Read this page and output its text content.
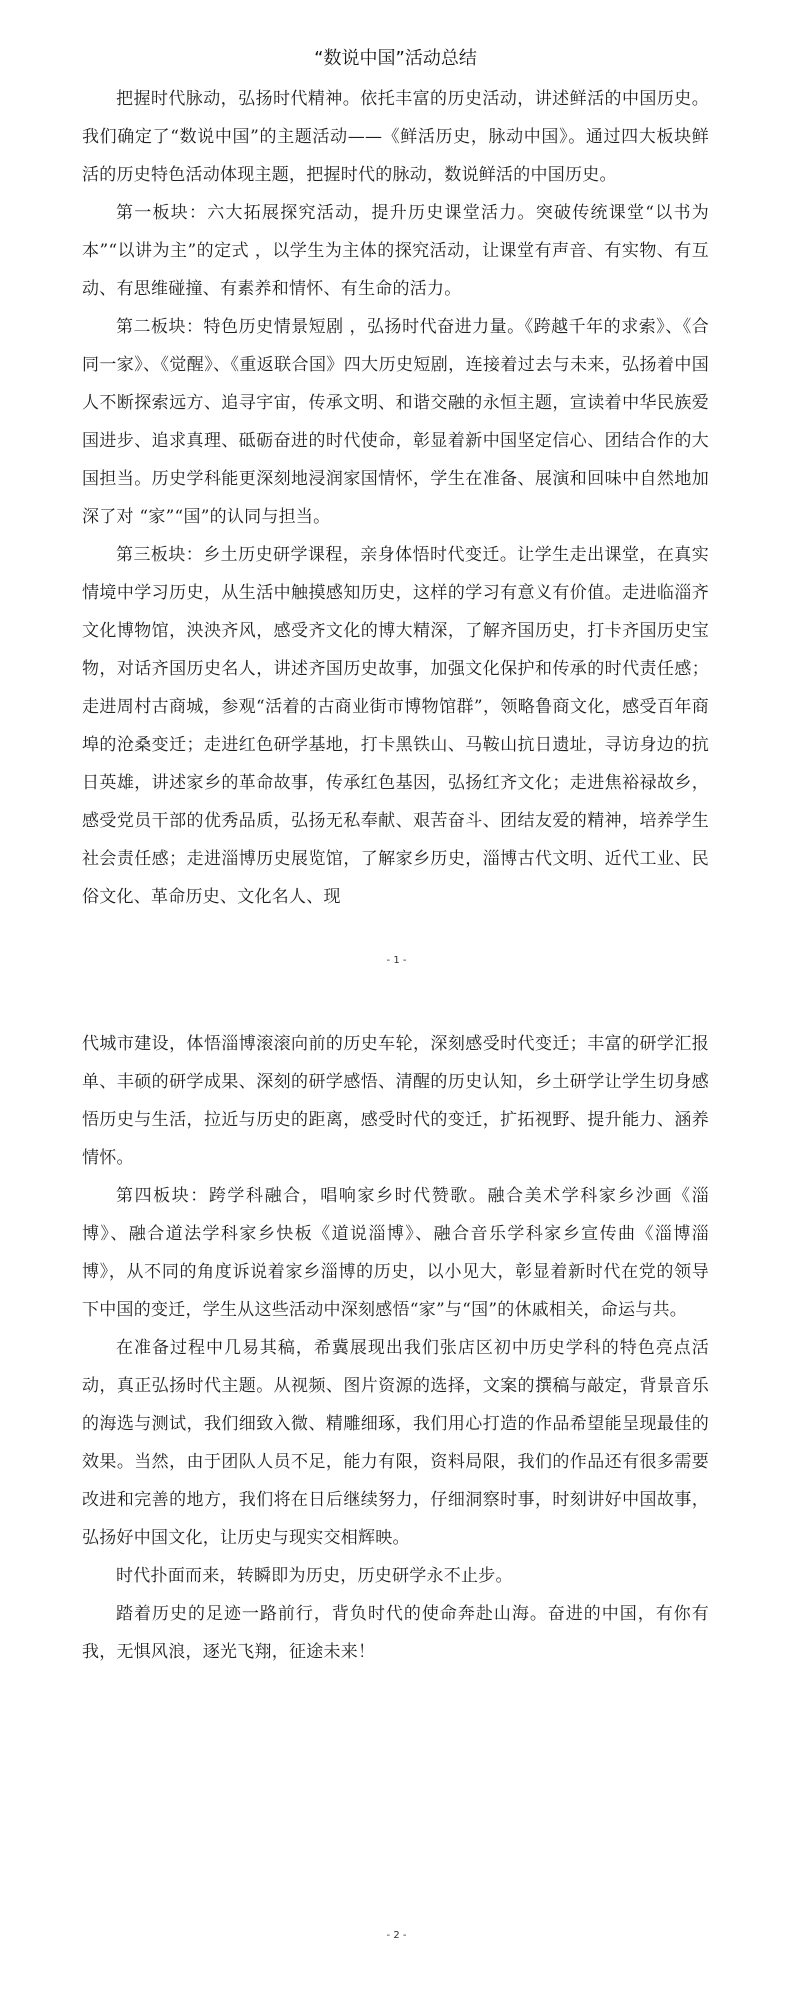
“数说中国”活动总结

把握时代脉动，弘扬时代精神。依托丰富的历史活动，讲述鲜活的中国历史。我们确定了“数说中国”的主题活动——《鲜活历史，脉动中国》。通过四大板块鲜活的历史特色活动体现主题，把握时代的脉动，数说鲜活的中国历史。

第一板块：六大拓展探究活动，提升历史课堂活力。突破传统课堂“以书为本”“以讲为主”的定式 ，以学生为主体的探究活动，让课堂有声音、有实物、有互动、有思维碰撞、有素养和情怀、有生命的活力。

第二板块：特色历史情景短剧 ，弘扬时代奋进力量。《跨越千年的求索》、《合同一家》、《觉醒》、《重返联合国》四大历史短剧，连接着过去与未来，弘扬着中国人不断探索远方、追寻宇宙，传承文明、和谐交融的永恒主题，宣读着中华民族爱国进步、追求真理、砥砺奋进的时代使命，彰显着新中国坚定信心、团结合作的大国担当。历史学科能更深刻地浸润家国情怀，学生在准备、展演和回味中自然地加深了对 “家”“国”的认同与担当。

第三板块：乡土历史研学课程，亲身体悟时代变迁。让学生走出课堂，在真实情境中学习历史，从生活中触摸感知历史，这样的学习有意义有价值。走进临淄齐文化博物馆，泱泱齐风，感受齐文化的博大精深，了解齐国历史，打卡齐国历史宝物，对话齐国历史名人，讲述齐国历史故事，加强文化保护和传承的时代责任感；走进周村古商城，参观“活着的古商业街市博物馆群”，领略鲁商文化，感受百年商埠的沧桑变迁；走进红色研学基地，打卡黑铁山、马鞍山抗日遗址，寻访身边的抗日英雄，讲述家乡的革命故事，传承红色基因，弘扬红齐文化；走进焦裕禄故乡，感受党员干部的优秀品质，弘扬无私奉献、艰苦奋斗、团结友爱的精神，培养学生社会责任感；走进淄博历史展览馆，了解家乡历史，淄博古代文明、近代工业、民俗文化、革命历史、文化名人、现

- 1 -

代城市建设，体悟淄博滚滚向前的历史车轮，深刻感受时代变迁；丰富的研学汇报单、丰硕的研学成果、深刻的研学感悟、清醒的历史认知，乡土研学让学生切身感悟历史与生活，拉近与历史的距离，感受时代的变迁，扩拓视野、提升能力、涵养情怀。

第四板块：跨学科融合，唱响家乡时代赞歌。融合美术学科家乡沙画《淄博》、融合道法学科家乡快板《道说淄博》、融合音乐学科家乡宣传曲《淄博淄博》，从不同的角度诉说着家乡淄博的历史，以小见大，彰显着新时代在党的领导下中国的变迁，学生从这些活动中深刻感悟“家”与“国”的休戚相关，命运与共。

在准备过程中几易其稿，希冀展现出我们张店区初中历史学科的特色亮点活动，真正弘扬时代主题。从视频、图片资源的选择，文案的撰稿与敲定，背景音乐的海选与测试，我们细致入微、精雕细琢，我们用心打造的作品希望能呈现最佳的效果。当然，由于团队人员不足，能力有限，资料局限，我们的作品还有很多需要改进和完善的地方，我们将在日后继续努力，仔细洞察时事，时刻讲好中国故事，弘扬好中国文化，让历史与现实交相辉映。

时代扑面而来，转瞬即为历史，历史研学永不止步。

踏着历史的足迹一路前行，背负时代的使命奔赴山海。奋进的中国，有你有我，无惧风浪，逐光飞翔，征途未来！

- 2 -
